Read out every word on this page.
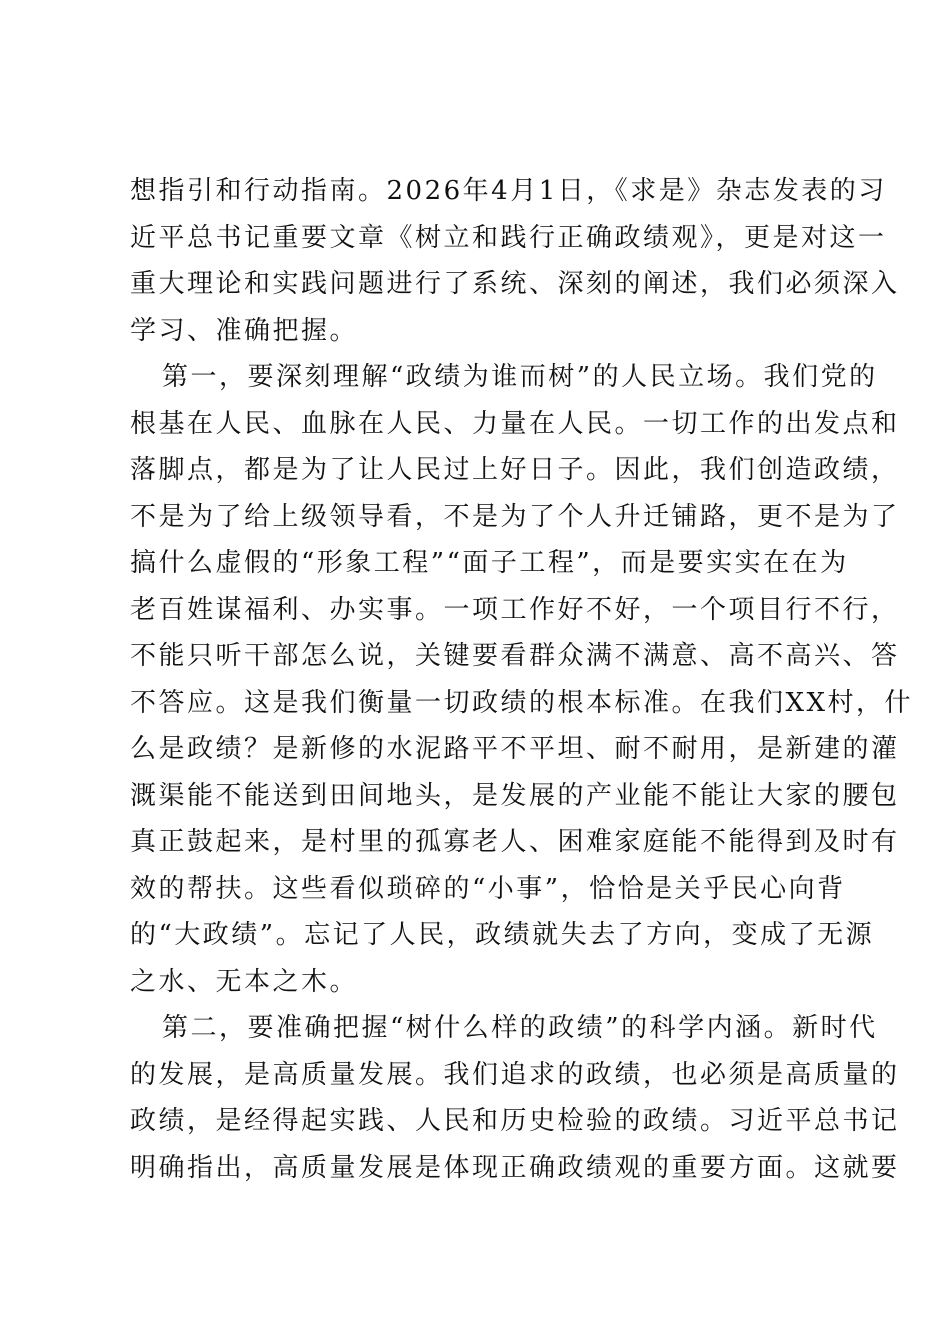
想指引和行动指南。2026年4月1日，《求是》杂志发表的习
近平总书记重要文章《树立和践行正确政绩观》，更是对这一
重大理论和实践问题进行了系统、深刻的阐述，我们必须深入
学习、准确把握。
第一，要深刻理解“政绩为谁而树”的人民立场。我们党的
根基在人民、血脉在人民、力量在人民。一切工作的出发点和
落脚点，都是为了让人民过上好日子。因此，我们创造政绩，
不是为了给上级领导看，不是为了个人升迁铺路，更不是为了
搞什么虚假的“形象工程”“面子工程”，而是要实实在在为
老百姓谋福利、办实事。一项工作好不好，一个项目行不行，
不能只听干部怎么说，关键要看群众满不满意、高不高兴、答
不答应。这是我们衡量一切政绩的根本标准。在我们XX村，什
么是政绩？是新修的水泥路平不平坦、耐不耐用，是新建的灌
溉渠能不能送到田间地头，是发展的产业能不能让大家的腰包
真正鼓起来，是村里的孤寡老人、困难家庭能不能得到及时有
效的帮扶。这些看似琐碎的“小事”，恰恰是关乎民心向背
的“大政绩”。忘记了人民，政绩就失去了方向，变成了无源
之水、无本之木。
第二，要准确把握“树什么样的政绩”的科学内涵。新时代
的发展，是高质量发展。我们追求的政绩，也必须是高质量的
政绩，是经得起实践、人民和历史检验的政绩。习近平总书记
明确指出，高质量发展是体现正确政绩观的重要方面。这就要
